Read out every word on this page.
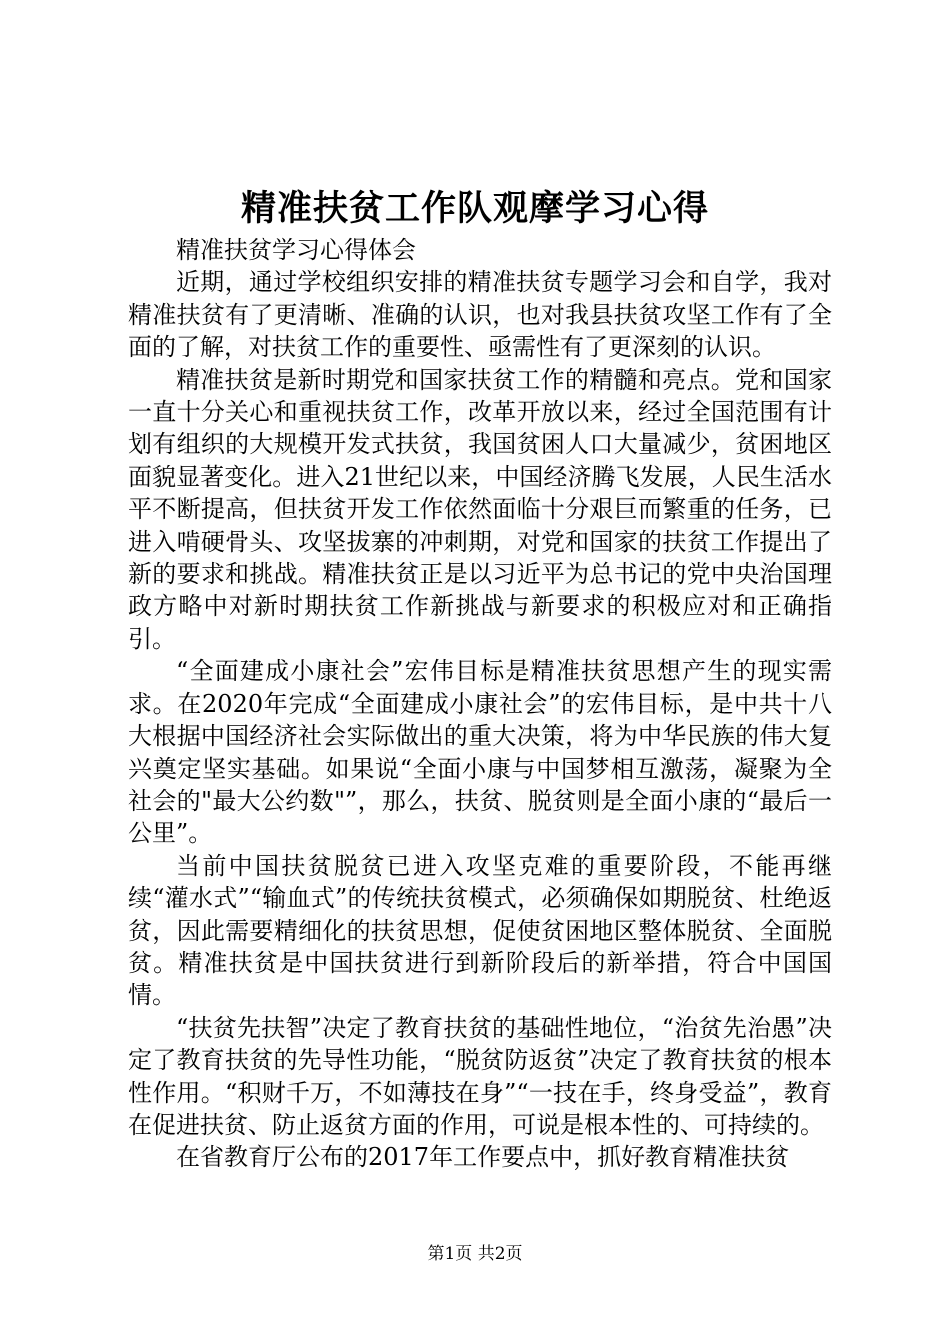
精准扶贫工作队观摩学习心得

精准扶贫学习心得体会

近期，通过学校组织安排的精准扶贫专题学习会和自学，我对精准扶贫有了更清晰、准确的认识，也对我县扶贫攻坚工作有了全面的了解，对扶贫工作的重要性、亟需性有了更深刻的认识。

精准扶贫是新时期党和国家扶贫工作的精髓和亮点。党和国家一直十分关心和重视扶贫工作，改革开放以来，经过全国范围有计划有组织的大规模开发式扶贫，我国贫困人口大量减少，贫困地区面貌显著变化。进入21世纪以来，中国经济腾飞发展，人民生活水平不断提高，但扶贫开发工作依然面临十分艰巨而繁重的任务，已进入啃硬骨头、攻坚拔寨的冲刺期，对党和国家的扶贫工作提出了新的要求和挑战。精准扶贫正是以习近平为总书记的党中央治国理政方略中对新时期扶贫工作新挑战与新要求的积极应对和正确指引。

“全面建成小康社会”宏伟目标是精准扶贫思想产生的现实需求。在2020年完成“全面建成小康社会”的宏伟目标，是中共十八大根据中国经济社会实际做出的重大决策，将为中华民族的伟大复兴奠定坚实基础。如果说“全面小康与中国梦相互激荡，凝聚为全社会的"最大公约数"”，那么，扶贫、脱贫则是全面小康的“最后一公里”。

当前中国扶贫脱贫已进入攻坚克难的重要阶段，不能再继续“灌水式”“输血式”的传统扶贫模式，必须确保如期脱贫、杜绝返贫，因此需要精细化的扶贫思想，促使贫困地区整体脱贫、全面脱贫。精准扶贫是中国扶贫进行到新阶段后的新举措，符合中国国情。

“扶贫先扶智”决定了教育扶贫的基础性地位，“治贫先治愚”决定了教育扶贫的先导性功能，“脱贫防返贫”决定了教育扶贫的根本性作用。“积财千万，不如薄技在身”“一技在手，终身受益”，教育在促进扶贫、防止返贫方面的作用，可说是根本性的、可持续的。

在省教育厅公布的2017年工作要点中，抓好教育精准扶贫

第1页 共2页
